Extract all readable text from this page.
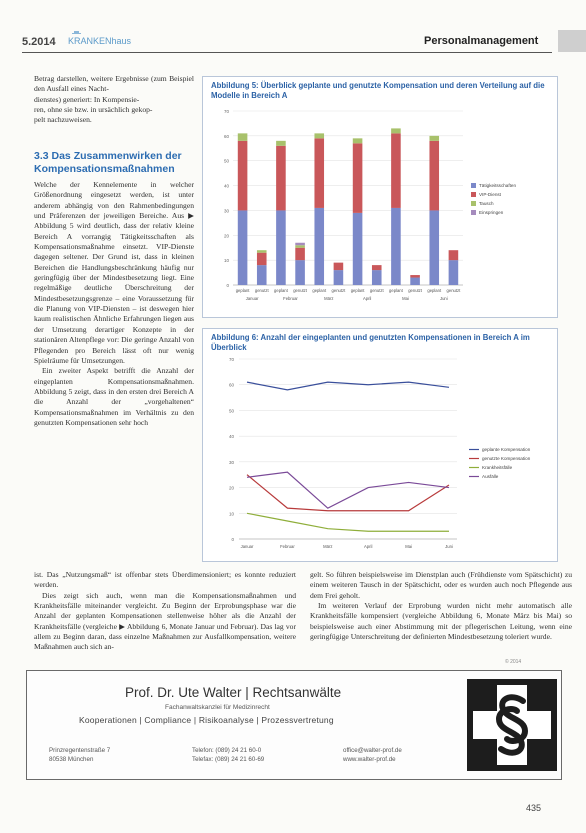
5.2014 KRANKENhaus	Personalmanagement

Betrag darstellen, weitere Ergebnisse (zum Beispiel den Ausfall eines Nacht-

dienstes) generiert: In Kompensie-

ren, ohne sie bzw. in ursächlich gekop-

pelt nachzuweisen.

3.3 Das Zusammenwirken der Kompensationsmaßnahmen

Welche der Kennelemente in welcher Größenordnung eingesetzt werden, ist unter anderem abhängig von den Rahmenbedingungen und Präferenzen der jeweiligen Bereiche. Aus ▶ Abbildung 5 wird deutlich, dass der relativ kleine Bereich A vorrangig Tätigkeitsschaften als Kompensationsmaßnahme einsetzt. VIP-Dienste dagegen seltener. Der Grund ist, dass in kleinen Bereichen die Handlungsbeschränkung häufig nur geringfügig über der Mindestbesetzung liegt. Eine regelmäßige deutliche Überschreitung der Mindestbesetzungsgrenze – eine Voraussetzung für die Planung von VIP-Diensten – ist deswegen hier kaum realistischen Ähnliche Erfahrungen liegen aus der Umsetzung derartiger Konzepte in der stationären Altenpflege vor: Die geringe Anzahl von Pflegenden pro Bereich lässt oft nur wenig Spielräume für Umsetzungen.

Ein zweiter Aspekt betrifft die Anzahl der eingeplanten Kompensationsmaßnahmen. Abbildung 5 zeigt, dass in den ersten drei Bereich A die Anzahl der „vorgehaltenen“ Kompensationsmaßnahmen im Verhältnis zu den genutzten Kompensationen sehr hoch

Abbildung 5: Überblick geplante und genutzte Kompensation und deren Verteilung auf die Modelle in Bereich A
0
10
20
30
40
50
60
70
geplant genutzt geplant genutzt geplant genutzt geplant genutzt geplant genutzt geplant genutzt
Januar	Februar	März	April	Mai	Juni
Tätigkeitsschaften
VIP-Dienst
Tausch
Einspringen
Abbildung 6: Anzahl der eingeplanten und genutzten Kompensationen in Bereich A im Überblick
0
10
20
30
40
50
60
70
Januar	Februar	März	April	Mai	Juni
geplante Kompensation
genutzte Kompensation
Krankheitsfälle
Ausfälle

ist. Das „Nutzungsmaß“ ist offenbar stets Überdimensioniert; es konnte reduziert werden.

Dies zeigt sich auch, wenn man die Kompensationsmaßnahmen und Krankheitsfälle miteinander vergleicht. Zu Beginn der Erprobungsphase war die Anzahl der geplanten Kompensationen stellenweise höher als die Anzahl der Krankheitsfälle (vergleiche ▶ Abbildung 6, Monate Januar und Februar). Das lag vor allem zu Beginn daran, dass einzelne Maßnahmen zur Ausfallkompensation, weitere Maßnahmen auch sich an-

gelt. So führen beispielsweise im Dienstplan auch (Frühdienste vom Spätschicht) zu einem weiteren Tausch in der Spätschicht, oder es wurden auch noch Pflegende aus dem Frei geholt.

Im weiteren Verlauf der Erprobung wurden nicht mehr automatisch alle Krankheitsfälle kompensiert (vergleiche Abbildung 6, Monate März bis Mai) so beispielsweise auch einer Abstimmung mit der pflegerischen Leitung, wenn eine geringfügige Unterschreitung der definierten Mindestbesetzung toleriert wurde.

© 2014
Prof. Dr. Ute Walter | Rechtsanwälte
Fachanwaltskanzlei für Medizinrecht
Kooperationen | Compliance | Risikoanalyse | Prozessvertretung
Prinzregentenstraße 7
80538 München
Telefon: (089) 24 21 60-0
Telefax: (089) 24 21 60-69
office@walter-prof.de
www.walter-prof.de
435
